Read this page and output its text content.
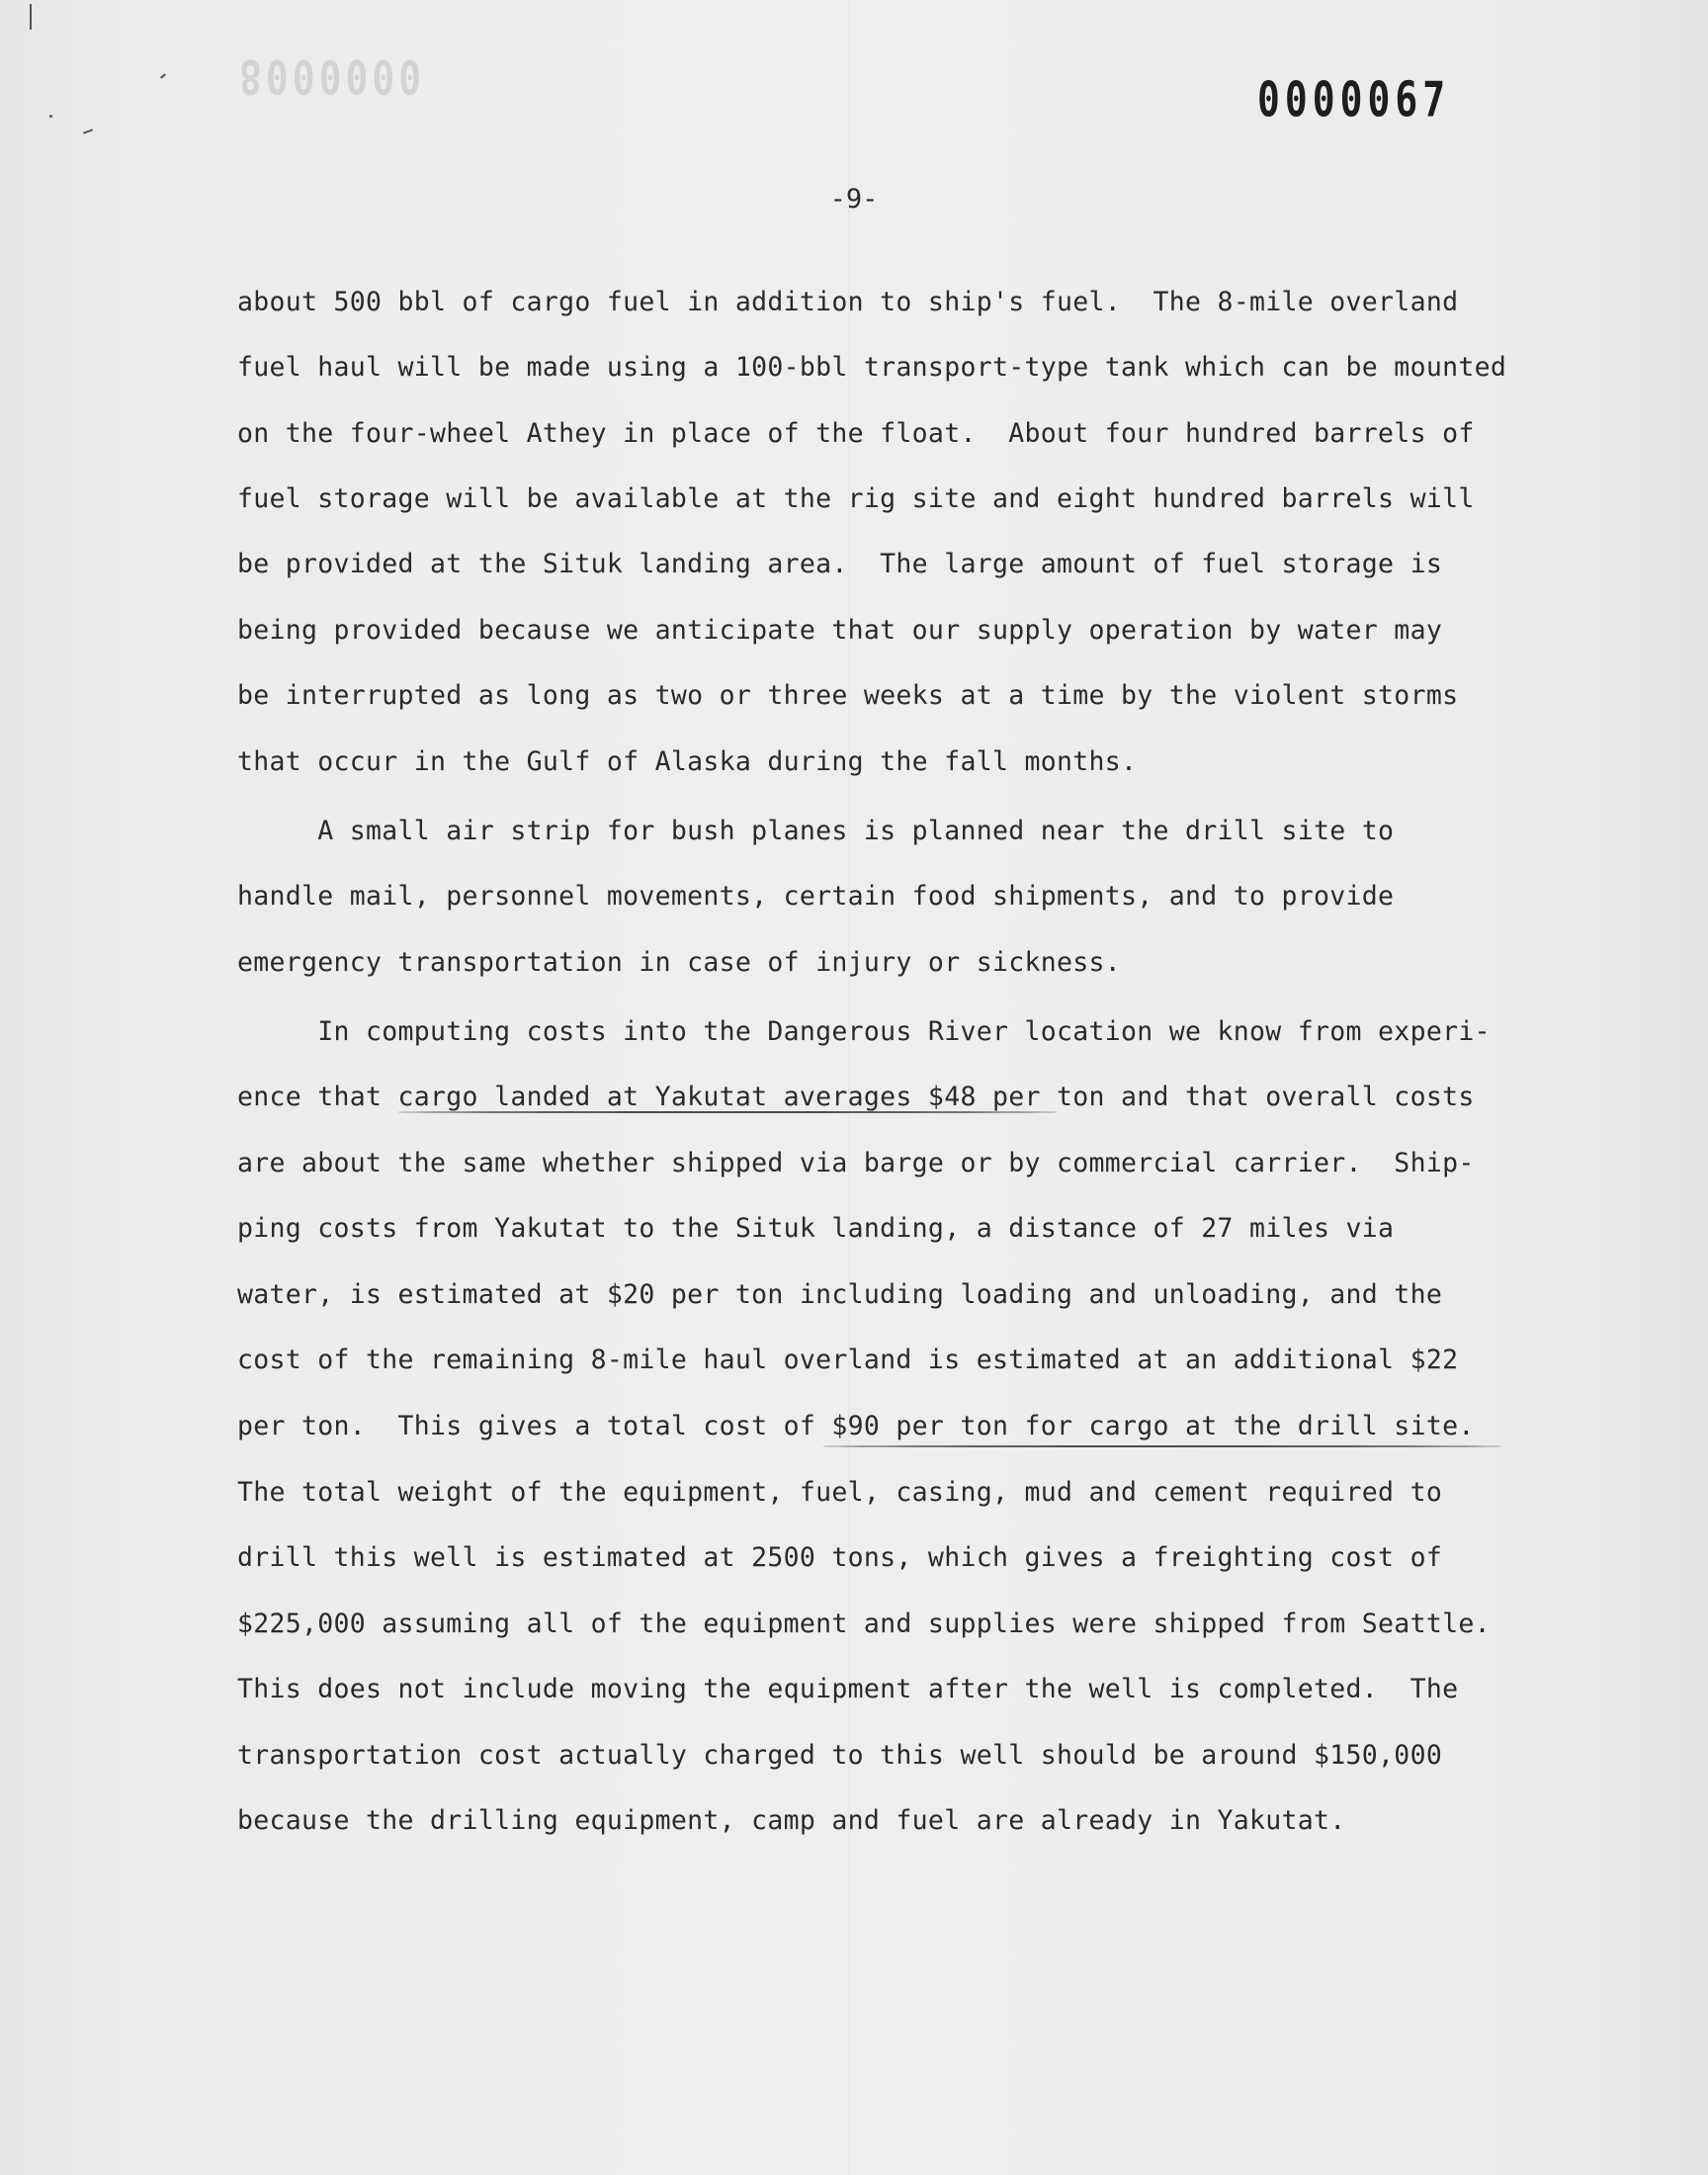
0000008	0000067
-9-
about 500 bbl of cargo fuel in addition to ship's fuel.  The 8-mile overland
fuel haul will be made using a 100-bbl transport-type tank which can be mounted
on the four-wheel Athey in place of the float.  About four hundred barrels of
fuel storage will be available at the rig site and eight hundred barrels will
be provided at the Situk landing area.  The large amount of fuel storage is
being provided because we anticipate that our supply operation by water may
be interrupted as long as two or three weeks at a time by the violent storms
that occur in the Gulf of Alaska during the fall months.
A small air strip for bush planes is planned near the drill site to
handle mail, personnel movements, certain food shipments, and to provide
emergency transportation in case of injury or sickness.
In computing costs into the Dangerous River location we know from experi-
ence that cargo landed at Yakutat averages $48 per ton and that overall costs
are about the same whether shipped via barge or by commercial carrier.  Ship-
ping costs from Yakutat to the Situk landing, a distance of 27 miles via
water, is estimated at $20 per ton including loading and unloading, and the
cost of the remaining 8-mile haul overland is estimated at an additional $22
per ton.  This gives a total cost of $90 per ton for cargo at the drill site.
The total weight of the equipment, fuel, casing, mud and cement required to
drill this well is estimated at 2500 tons, which gives a freighting cost of
$225,000 assuming all of the equipment and supplies were shipped from Seattle.
This does not include moving the equipment after the well is completed.  The
transportation cost actually charged to this well should be around $150,000
because the drilling equipment, camp and fuel are already in Yakutat.
